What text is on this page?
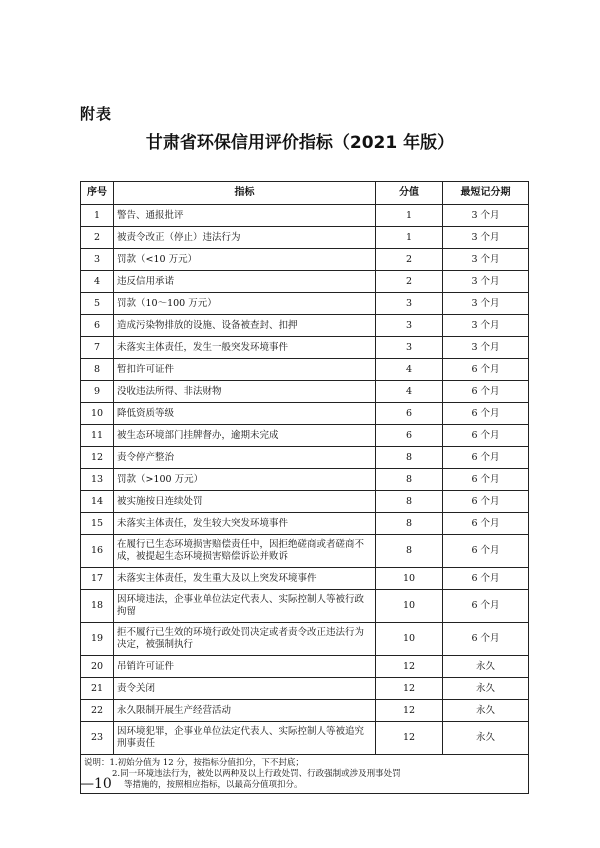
附表
甘肃省环保信用评价指标（2021 年版）
序号	指标	分值	最短记分期
1	警告、通报批评	1	3 个月
2	被责令改正（停止）违法行为	1	3 个月
3	罚款（<10 万元）	2	3 个月
4	违反信用承诺	2	3 个月
5	罚款（10～100 万元）	3	3 个月
6	造成污染物排放的设施、设备被查封、扣押	3	3 个月
7	未落实主体责任，发生一般突发环境事件	3	3 个月
8	暂扣许可证件	4	6 个月
9	没收违法所得、非法财物	4	6 个月
10	降低资质等级	6	6 个月
11	被生态环境部门挂牌督办，逾期未完成	6	6 个月
12	责令停产整治	8	6 个月
13	罚款（>100 万元）	8	6 个月
14	被实施按日连续处罚	8	6 个月
15	未落实主体责任，发生较大突发环境事件	8	6 个月
16	在履行已生态环境损害赔偿责任中，因拒绝磋商或者磋商不成，被提起生态环境损害赔偿诉讼并败诉	8	6 个月
17	未落实主体责任，发生重大及以上突发环境事件	10	6 个月
18	因环境违法，企事业单位法定代表人、实际控制人等被行政拘留	10	6 个月
19	拒不履行已生效的环境行政处罚决定或者责令改正违法行为决定，被强制执行	10	6 个月
20	吊销许可证件	12	永久
21	责令关闭	12	永久
22	永久限制开展生产经营活动	12	永久
23	因环境犯罪，企事业单位法定代表人、实际控制人等被追究刑事责任	12	永久

说明：1.初始分值为 12 分，按指标分值扣分，下不封底；
2.同一环境违法行为，被处以两种及以上行政处罚、行政强制或涉及刑事处罚
等措施的，按照相应指标，以最高分值项扣分。			
—10
